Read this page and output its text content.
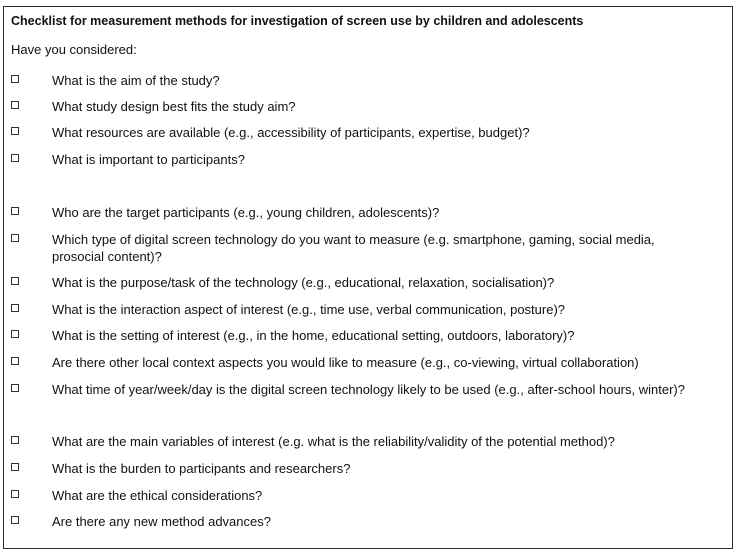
Checklist for measurement methods for investigation of screen use by children and adolescents
Have you considered:
What is the aim of the study?
What study design best fits the study aim?
What resources are available (e.g., accessibility of participants, expertise, budget)?
What is important to participants?
Who are the target participants (e.g., young children, adolescents)?
Which type of digital screen technology do you want to measure (e.g. smartphone, gaming, social media, prosocial content)?
What is the purpose/task of the technology (e.g., educational, relaxation, socialisation)?
What is the interaction aspect of interest (e.g., time use, verbal communication, posture)?
What is the setting of interest (e.g., in the home, educational setting, outdoors, laboratory)?
Are there other local context aspects you would like to measure (e.g., co-viewing, virtual collaboration)
What time of year/week/day is the digital screen technology likely to be used (e.g., after-school hours, winter)?
What are the main variables of interest (e.g. what is the reliability/validity of the potential method)?
What is the burden to participants and researchers?
What are the ethical considerations?
Are there any new method advances?
